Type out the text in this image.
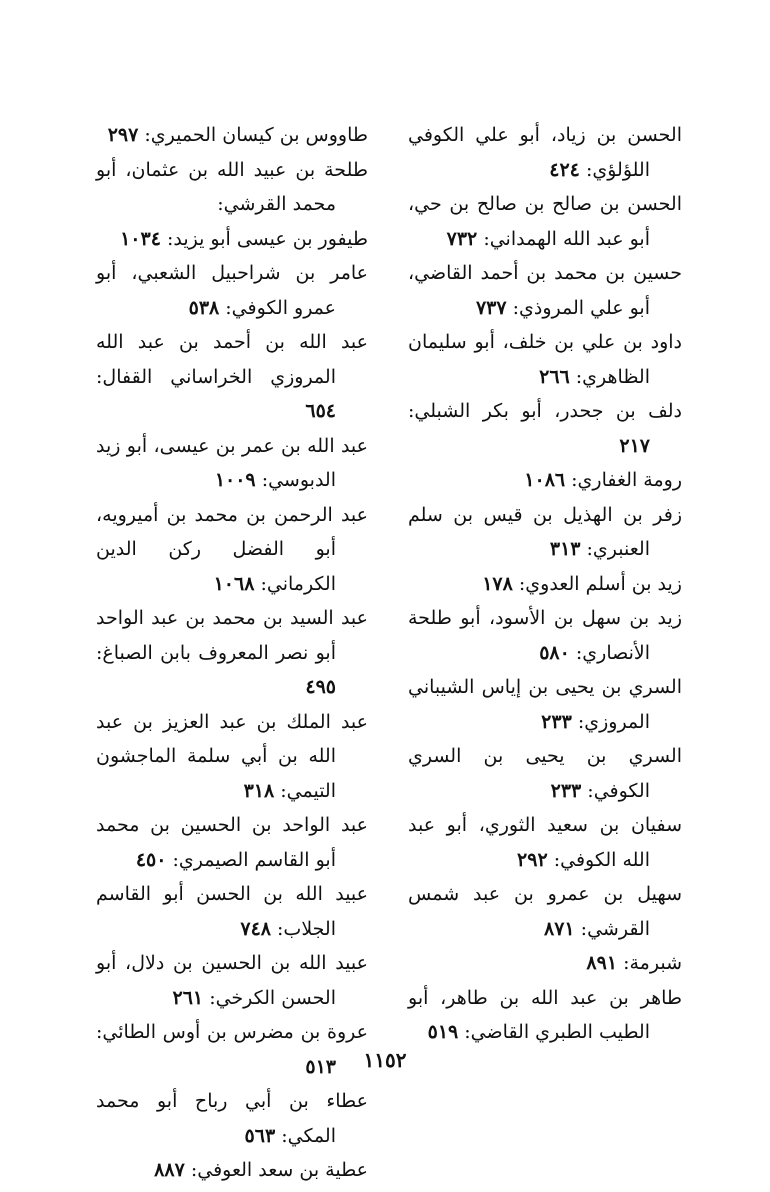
الحسن بن زياد، أبو علي الكوفي اللؤلؤي: ٤٢٤

الحسن بن صالح بن صالح بن حي، أبو عبد الله الهمداني: ٧٣٢

حسين بن محمد بن أحمد القاضي، أبو علي المروذي: ٧٣٧

داود بن علي بن خلف، أبو سليمان الظاهري: ٢٦٦

دلف بن جحدر، أبو بكر الشبلي: ٢١٧

رومة الغفاري: ١٠٨٦

زفر بن الهذيل بن قيس بن سلم العنبري: ٣١٣

زيد بن أسلم العدوي: ١٧٨

زيد بن سهل بن الأسود، أبو طلحة الأنصاري: ٥٨٠

السري بن يحيى بن إياس الشيباني المروزي: ٢٣٣

السري بن يحيى بن السري الكوفي: ٢٣٣

سفيان بن سعيد الثوري، أبو عبد الله الكوفي: ٢٩٢

سهيل بن عمرو بن عبد شمس القرشي: ٨٧١

شبرمة: ٨٩١

طاهر بن عبد الله بن طاهر، أبو الطيب الطبري القاضي: ٥١٩

طاووس بن كيسان الحميري: ٢٩٧

طلحة بن عبيد الله بن عثمان، أبو محمد القرشي:

طيفور بن عيسى أبو يزيد: ١٠٣٤

عامر بن شراحبيل الشعبي، أبو عمرو الكوفي: ٥٣٨

عبد الله بن أحمد بن عبد الله المروزي الخراساني القفال: ٦٥٤

عبد الله بن عمر بن عيسى، أبو زيد الدبوسي: ١٠٠٩

عبد الرحمن بن محمد بن أميرويه، أبو الفضل ركن الدين الكرماني: ١٠٦٨

عبد السيد بن محمد بن عبد الواحد أبو نصر المعروف بابن الصباغ: ٤٩٥

عبد الملك بن عبد العزيز بن عبد الله بن أبي سلمة الماجشون التيمي: ٣١٨

عبد الواحد بن الحسين بن محمد أبو القاسم الصيمري: ٤٥٠

عبيد الله بن الحسن أبو القاسم الجلاب: ٧٤٨

عبيد الله بن الحسين بن دلال، أبو الحسن الكرخي: ٢٦١

عروة بن مضرس بن أوس الطائي: ٥١٣

عطاء بن أبي رباح أبو محمد المكي: ٥٦٣

عطية بن سعد العوفي: ٨٨٧

١١٥٢
